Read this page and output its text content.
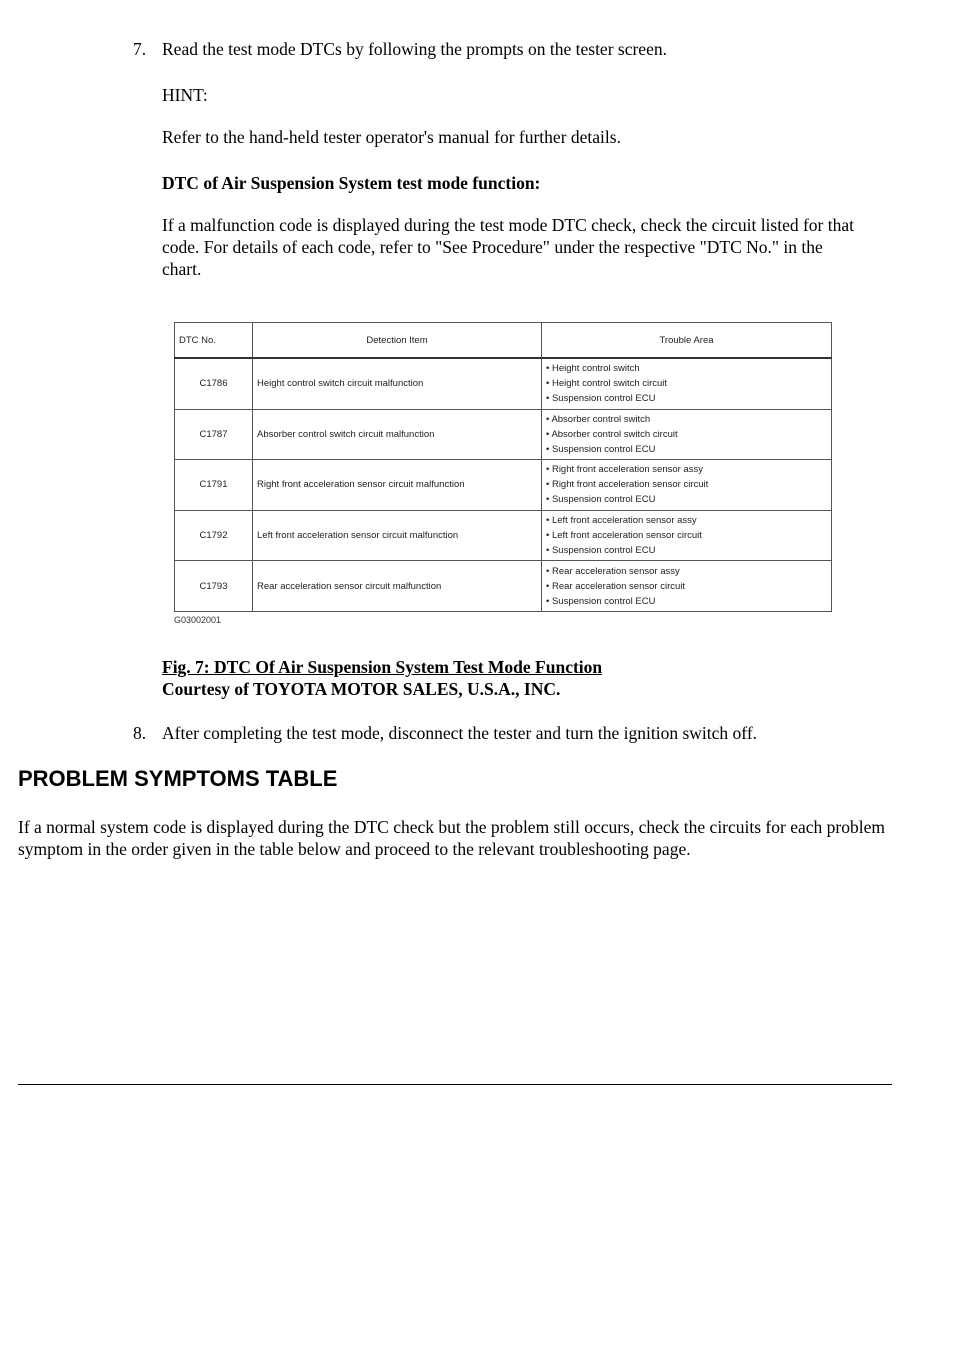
7. Read the test mode DTCs by following the prompts on the tester screen.
HINT:
Refer to the hand-held tester operator's manual for further details.
DTC of Air Suspension System test mode function:
If a malfunction code is displayed during the test mode DTC check, check the circuit listed for that code. For details of each code, refer to "See Procedure" under the respective "DTC No." in the chart.
DTC No.	Detection Item	Trouble Area
C1786	Height control switch circuit malfunction	• Height control switch
• Height control switch circuit
• Suspension control ECU

C1787	Absorber control switch circuit malfunction	• Absorber control switch
• Absorber control switch circuit
• Suspension control ECU

C1791	Right front acceleration sensor circuit malfunction	• Right front acceleration sensor assy
• Right front acceleration sensor circuit
• Suspension control ECU

C1792	Left front acceleration sensor circuit malfunction	• Left front acceleration sensor assy
• Left front acceleration sensor circuit
• Suspension control ECU

C1793	Rear acceleration sensor circuit malfunction	• Rear acceleration sensor assy
• Rear acceleration sensor circuit
• Suspension control ECU
G03002001
Fig. 7: DTC Of Air Suspension System Test Mode Function
Courtesy of TOYOTA MOTOR SALES, U.S.A., INC.
8. After completing the test mode, disconnect the tester and turn the ignition switch off.
PROBLEM SYMPTOMS TABLE
If a normal system code is displayed during the DTC check but the problem still occurs, check the circuits for each problem symptom in the order given in the table below and proceed to the relevant troubleshooting page.
